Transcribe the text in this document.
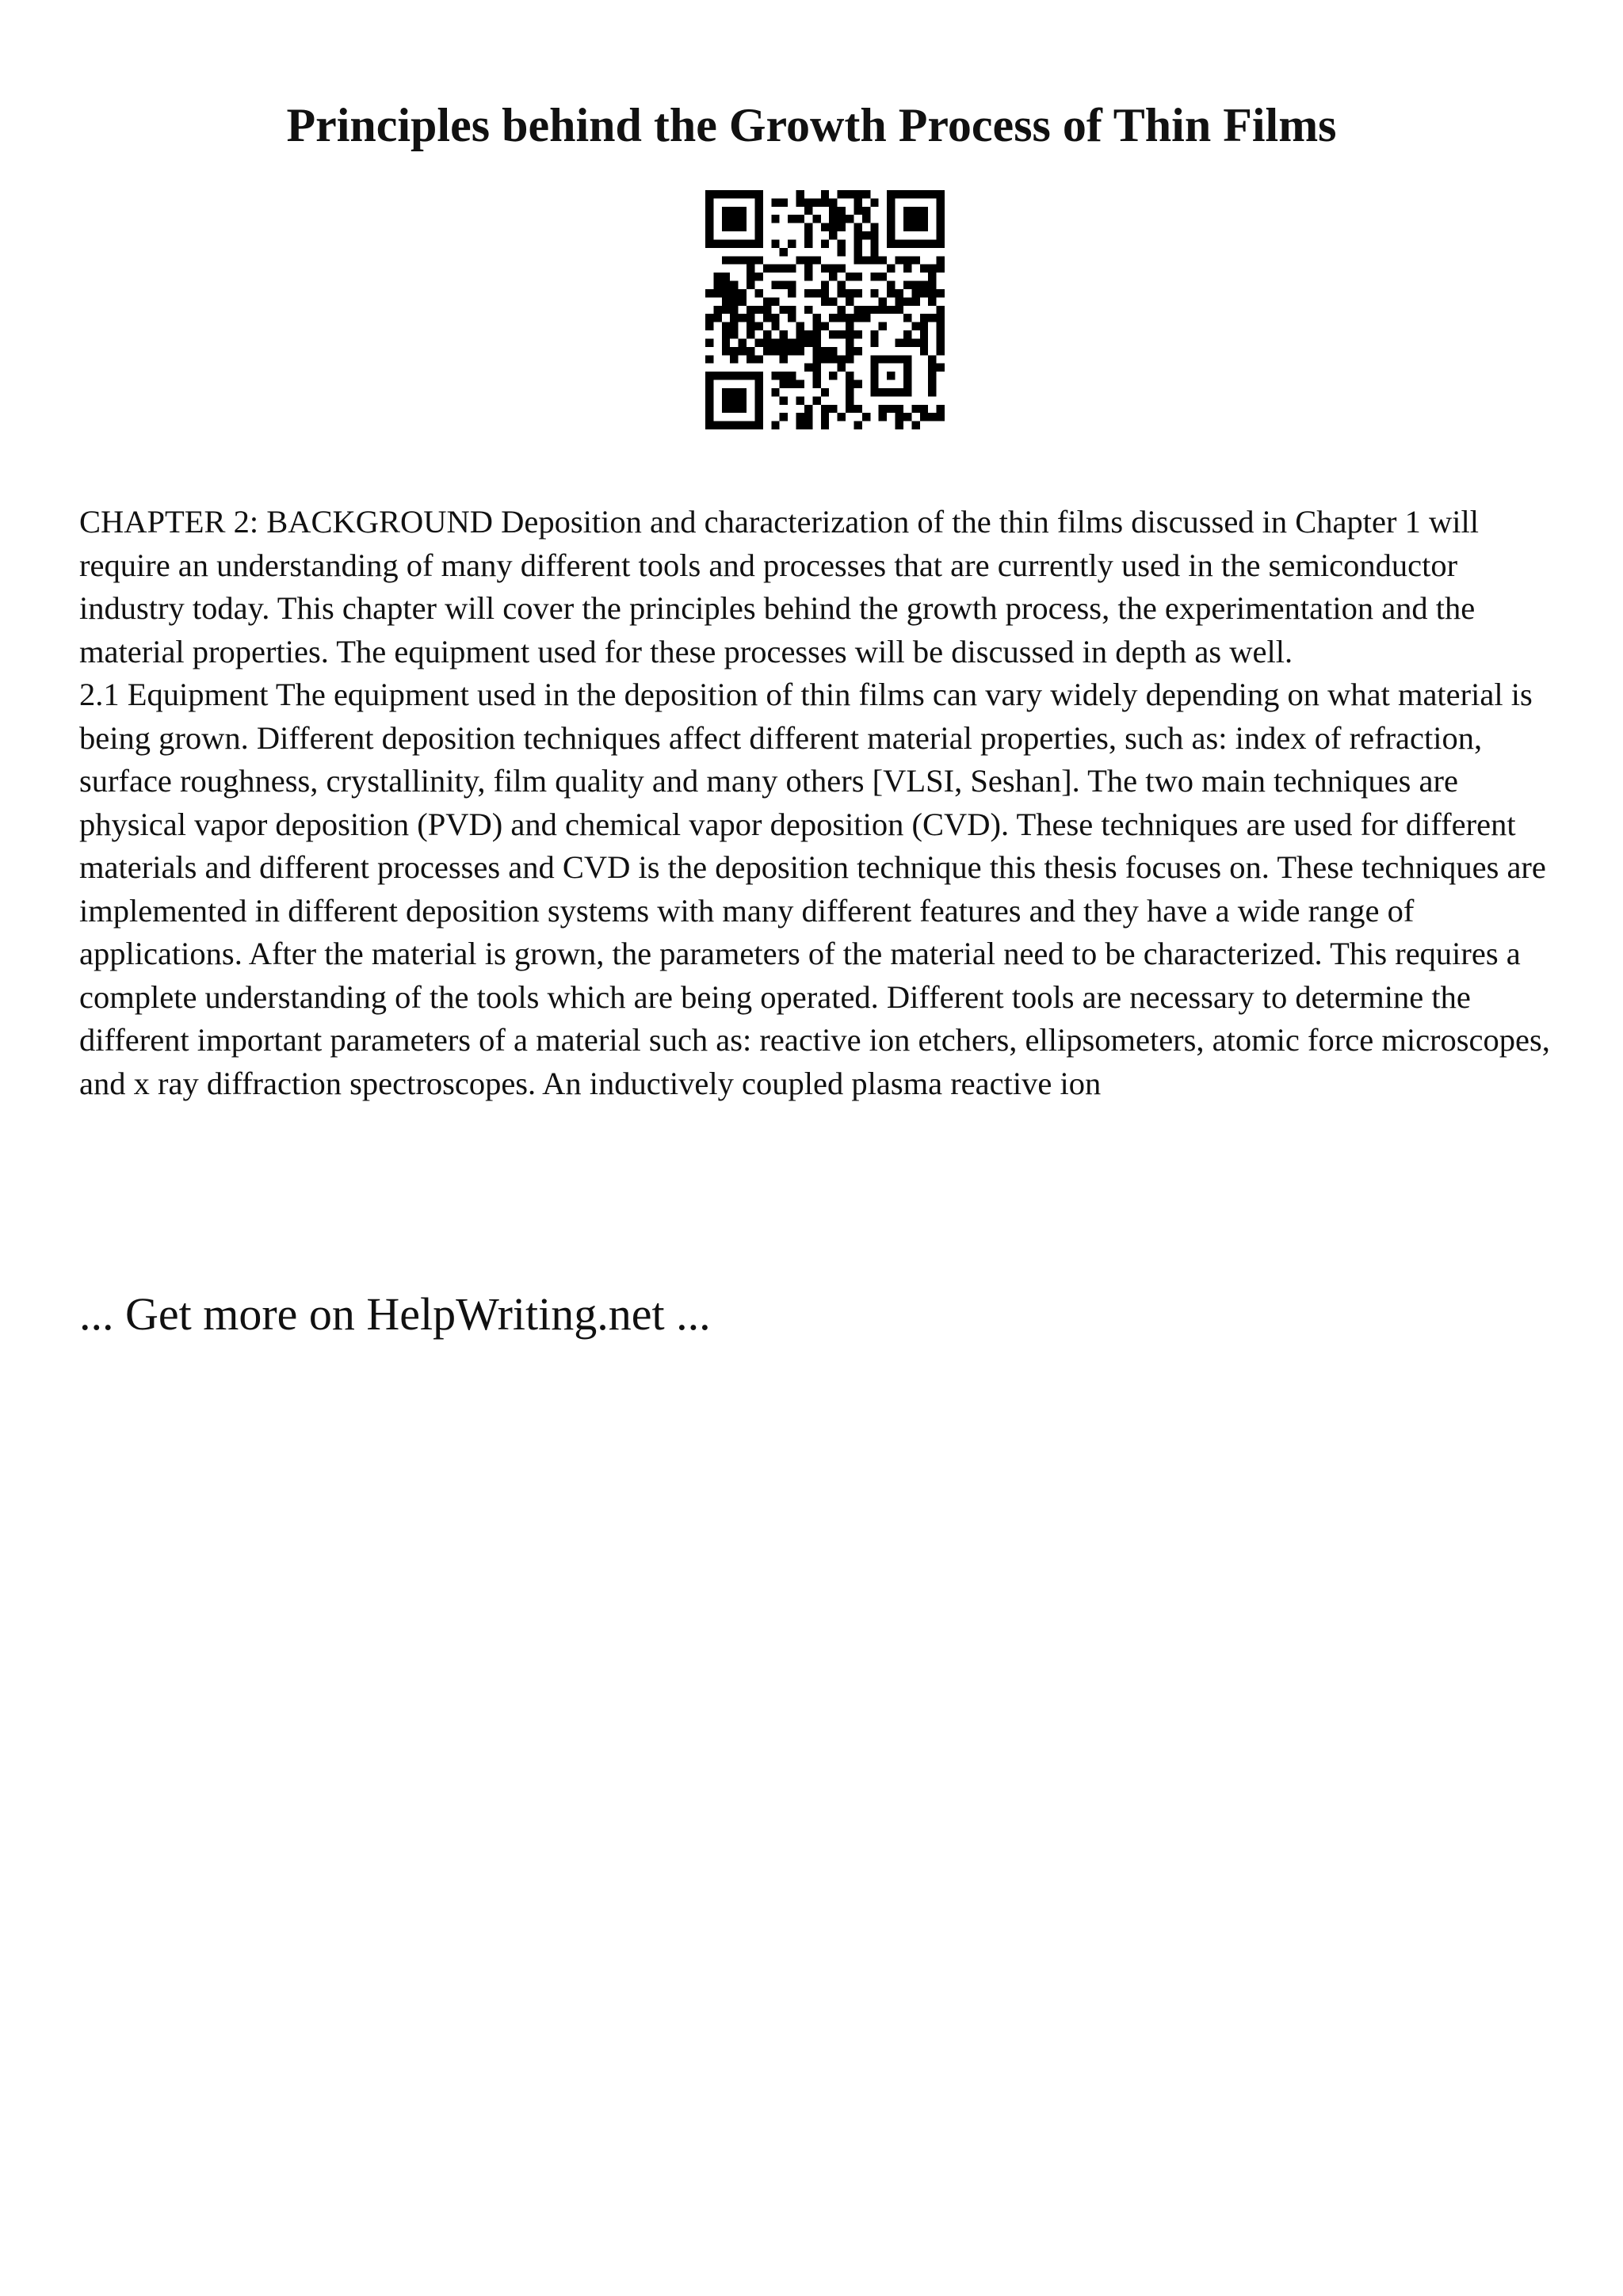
Principles behind the Growth Process of Thin Films

CHAPTER 2: BACKGROUND Deposition and characterization of the thin films discussed in Chapter 1 will require an understanding of many different tools and processes that are currently used in the semiconductor industry today. This chapter will cover the principles behind the growth process, the experimentation and the material properties. The equipment used for these processes will be discussed in depth as well.

2.1 Equipment The equipment used in the deposition of thin films can vary widely depending on what material is being grown. Different deposition techniques affect different material properties, such as: index of refraction, surface roughness, crystallinity, film quality and many others [VLSI, Seshan]. The two main techniques are physical vapor deposition (PVD) and chemical vapor deposition (CVD). These techniques are used for different materials and different processes and CVD is the deposition technique this thesis focuses on. These techniques are implemented in different deposition systems with many different features and they have a wide range of applications. After the material is grown, the parameters of the material need to be characterized. This requires a complete understanding of the tools which are being operated. Different tools are necessary to determine the different important parameters of a material such as: reactive ion etchers, ellipsometers, atomic force microscopes, and x ray diffraction spectroscopes. An inductively coupled plasma reactive ion

... Get more on HelpWriting.net ...
